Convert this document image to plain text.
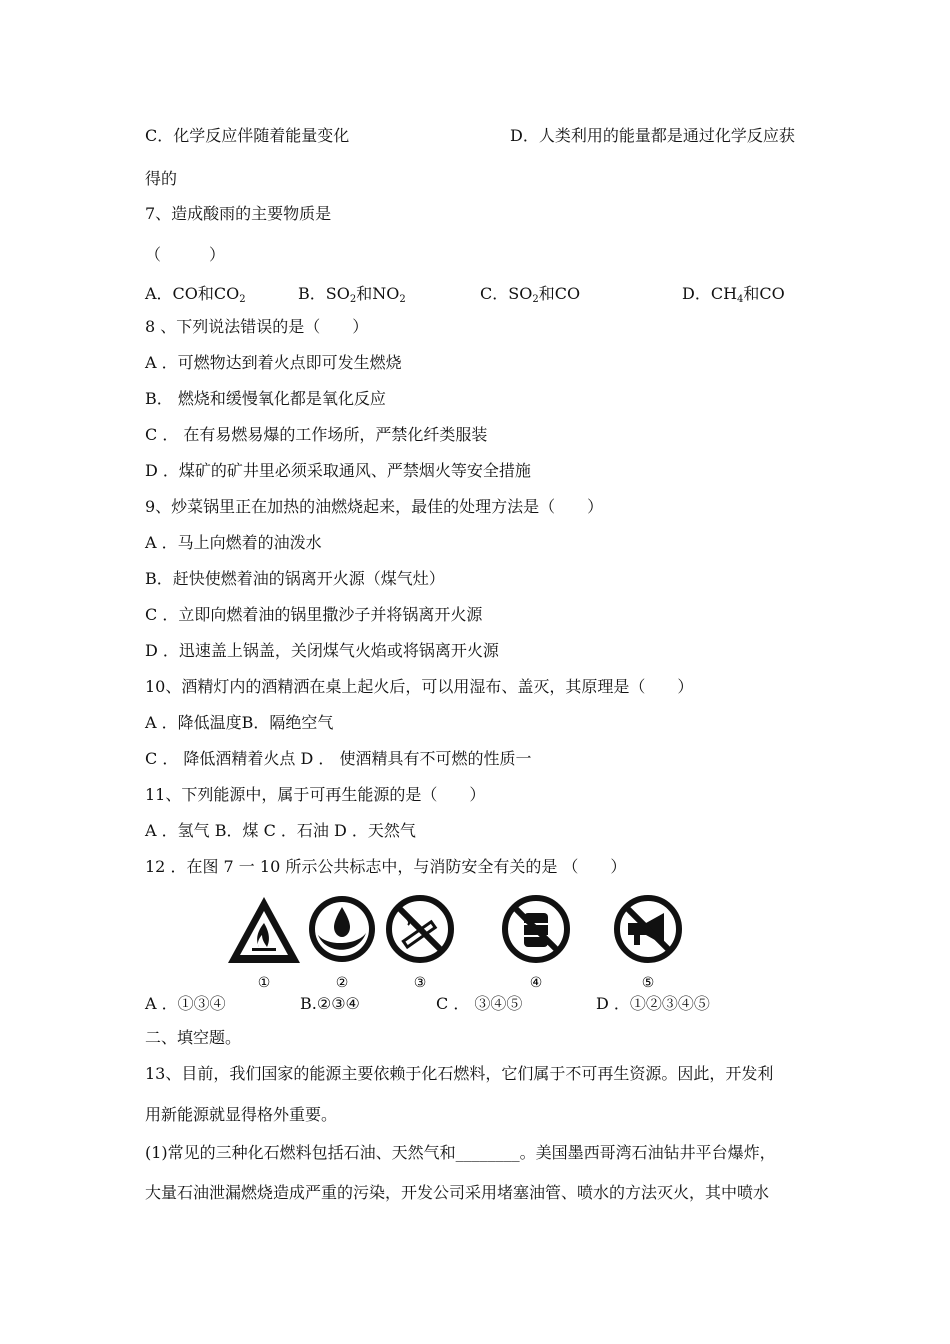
C．化学反应伴随着能量变化	D．人类利用的能量都是通过化学反应获
得的
7、造成酸雨的主要物质是
（　　　）
A．CO和$CO_2$	B．$SO_2$和$NO_2$	C．$SO_2$和CO	D．$CH_4$和CO
8 、下列说法错误的是（　　）
A ．可燃物达到着火点即可发生燃烧
B． 燃烧和缓慢氧化都是氧化反应
C ． 在有易燃易爆的工作场所，严禁化纤类服装
D ．煤矿的矿井里必须采取通风、严禁烟火等安全措施
9、炒菜锅里正在加热的油燃烧起来，最佳的处理方法是（　　）
A ．马上向燃着的油泼水
B．赶快使燃着油的锅离开火源（煤气灶）
C ．立即向燃着油的锅里撒沙子并将锅离开火源
D ．迅速盖上锅盖，关闭煤气火焰或将锅离开火源
10、酒精灯内的酒精洒在桌上起火后，可以用湿布、盖灭，其原理是（　　）
A ．降低温度B．隔绝空气
C ． 降低酒精着火点 D ． 使酒精具有不可燃的性质一
11、下列能源中，属于可再生能源的是（　　）
A ．氢气 B．煤 C ．石油 D ．天然气
12 ．在图 7 一 10 所示公共标志中，与消防安全有关的是 （　　）
①	②	③	④	⑤
A ．①③④	B.②③④	C ． ③④⑤	D ．①②③④⑤
二、填空题。
13、目前，我们国家的能源主要依赖于化石燃料，它们属于不可再生资源。因此，开发利
用新能源就显得格外重要。
(1)常见的三种化石燃料包括石油、天然气和________。美国墨西哥湾石油钻井平台爆炸，
大量石油泄漏燃烧造成严重的污染，开发公司采用堵塞油管、喷水的方法灭火，其中喷水
